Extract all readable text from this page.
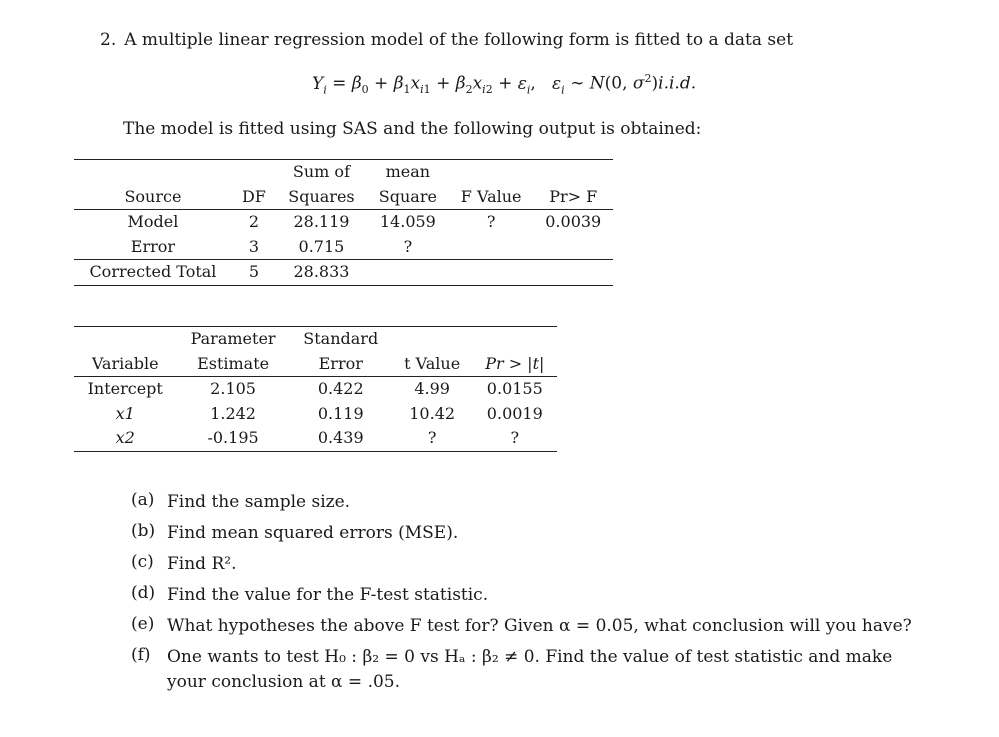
2. A multiple linear regression model of the following form is fitted to a data set
$Y_i = \beta_0 + \beta_1x_{i1} + \beta_2x_{i2} + \varepsilon_i$,   $\varepsilon_i$ ∼ N(0, $\sigma^2)i.i.d$.
The model is fitted using SAS and the following output is obtained:
		Sum of	mean		
Source	DF	Squares	Square	F Value	Pr> F
Model	2	28.119	14.059	?	0.0039
Error	3	0.715	?		
Corrected Total	5	28.833			
	Parameter	Standard		
Variable	Estimate	Error	t Value	Pr > |t|
Intercept	2.105	0.422	4.99	0.0155
x1	1.242	0.119	10.42	0.0019
x2	-0.195	0.439	?	?
(a) Find the sample size.
(b) Find mean squared errors (MSE).
(c) Find R².
(d) Find the value for the F-test statistic.
(e) What hypotheses the above F test for? Given α = 0.05, what conclusion will you have?
(f) One wants to test H₀ : β₂ = 0 vs Hₐ : β₂ ≠ 0. Find the value of test statistic and make your conclusion at α = .05.
